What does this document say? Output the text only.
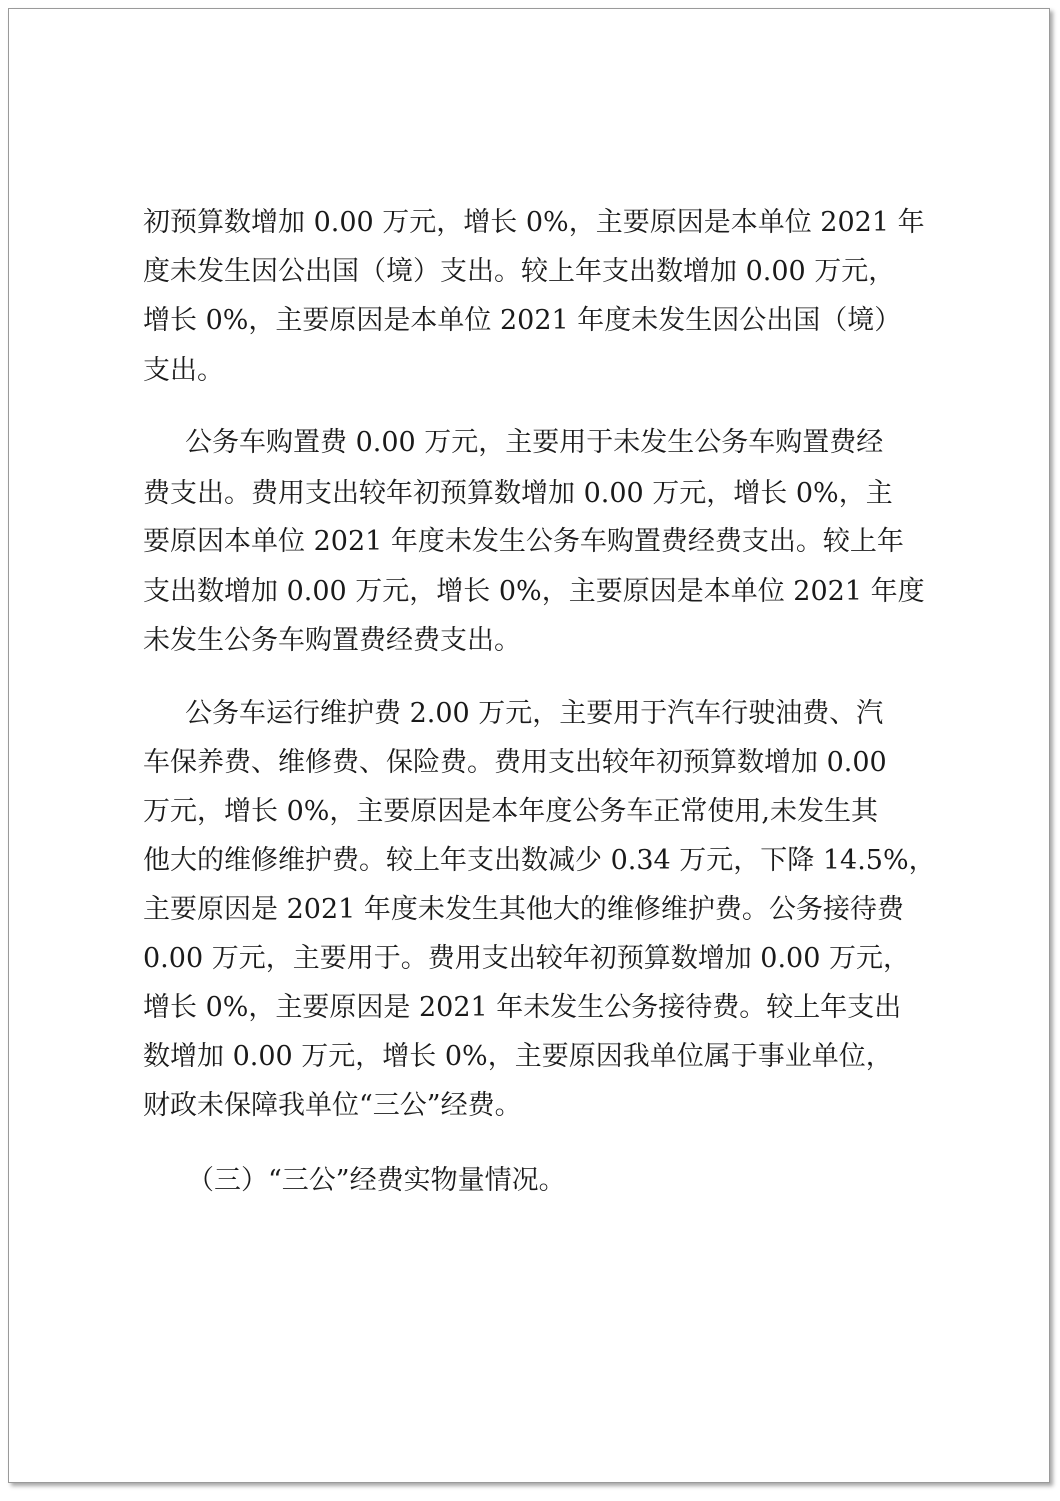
初预算数增加 0.00 万元，增长 0%，主要原因是本单位 2021 年
度未发生因公出国（境）支出。较上年支出数增加 0.00 万元，
增长 0%，主要原因是本单位 2021 年度未发生因公出国（境）
支出。
公务车购置费 0.00 万元，主要用于未发生公务车购置费经
费支出。费用支出较年初预算数增加 0.00 万元，增长 0%，主
要原因本单位 2021 年度未发生公务车购置费经费支出。较上年
支出数增加 0.00 万元，增长 0%，主要原因是本单位 2021 年度
未发生公务车购置费经费支出。
公务车运行维护费 2.00 万元，主要用于汽车行驶油费、汽
车保养费、维修费、保险费。费用支出较年初预算数增加 0.00
万元，增长 0%，主要原因是本年度公务车正常使用,未发生其
他大的维修维护费。较上年支出数减少 0.34 万元，下降 14.5%，
主要原因是 2021 年度未发生其他大的维修维护费。公务接待费
0.00 万元，主要用于。费用支出较年初预算数增加 0.00 万元，
增长 0%，主要原因是 2021 年未发生公务接待费。较上年支出
数增加 0.00 万元，增长 0%，主要原因我单位属于事业单位，
财政未保障我单位“三公”经费。
（三）“三公”经费实物量情况。
